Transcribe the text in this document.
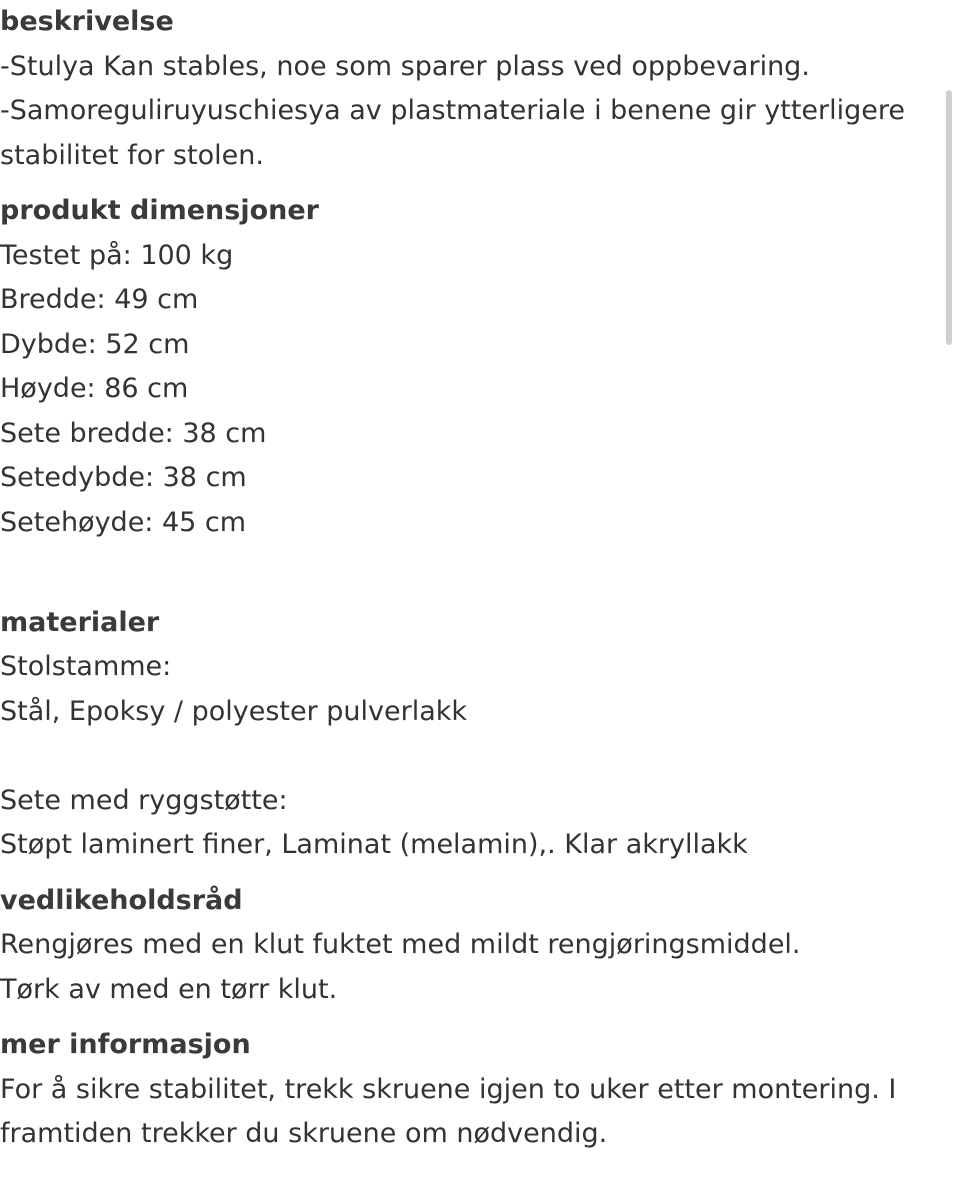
beskrivelse
-Stulya Kan stables, noe som sparer plass ved oppbevaring.
-Samoreguliruyuschiesya av plastmateriale i benene gir ytterligere
stabilitet for stolen.
produkt dimensjoner
Testet på: 100 kg
Bredde: 49 cm
Dybde: 52 cm
Høyde: 86 cm
Sete bredde: 38 cm
Setedybde: 38 cm
Setehøyde: 45 cm
materialer
Stolstamme:
Stål, Epoksy / polyester pulverlakk
Sete med ryggstøtte:
Støpt laminert finer, Laminat (melamin),. Klar akryllakk
vedlikeholdsråd
Rengjøres med en klut fuktet med mildt rengjøringsmiddel.
Tørk av med en tørr klut.
mer informasjon
For å sikre stabilitet, trekk skruene igjen to uker etter montering. I
framtiden trekker du skruene om nødvendig.
